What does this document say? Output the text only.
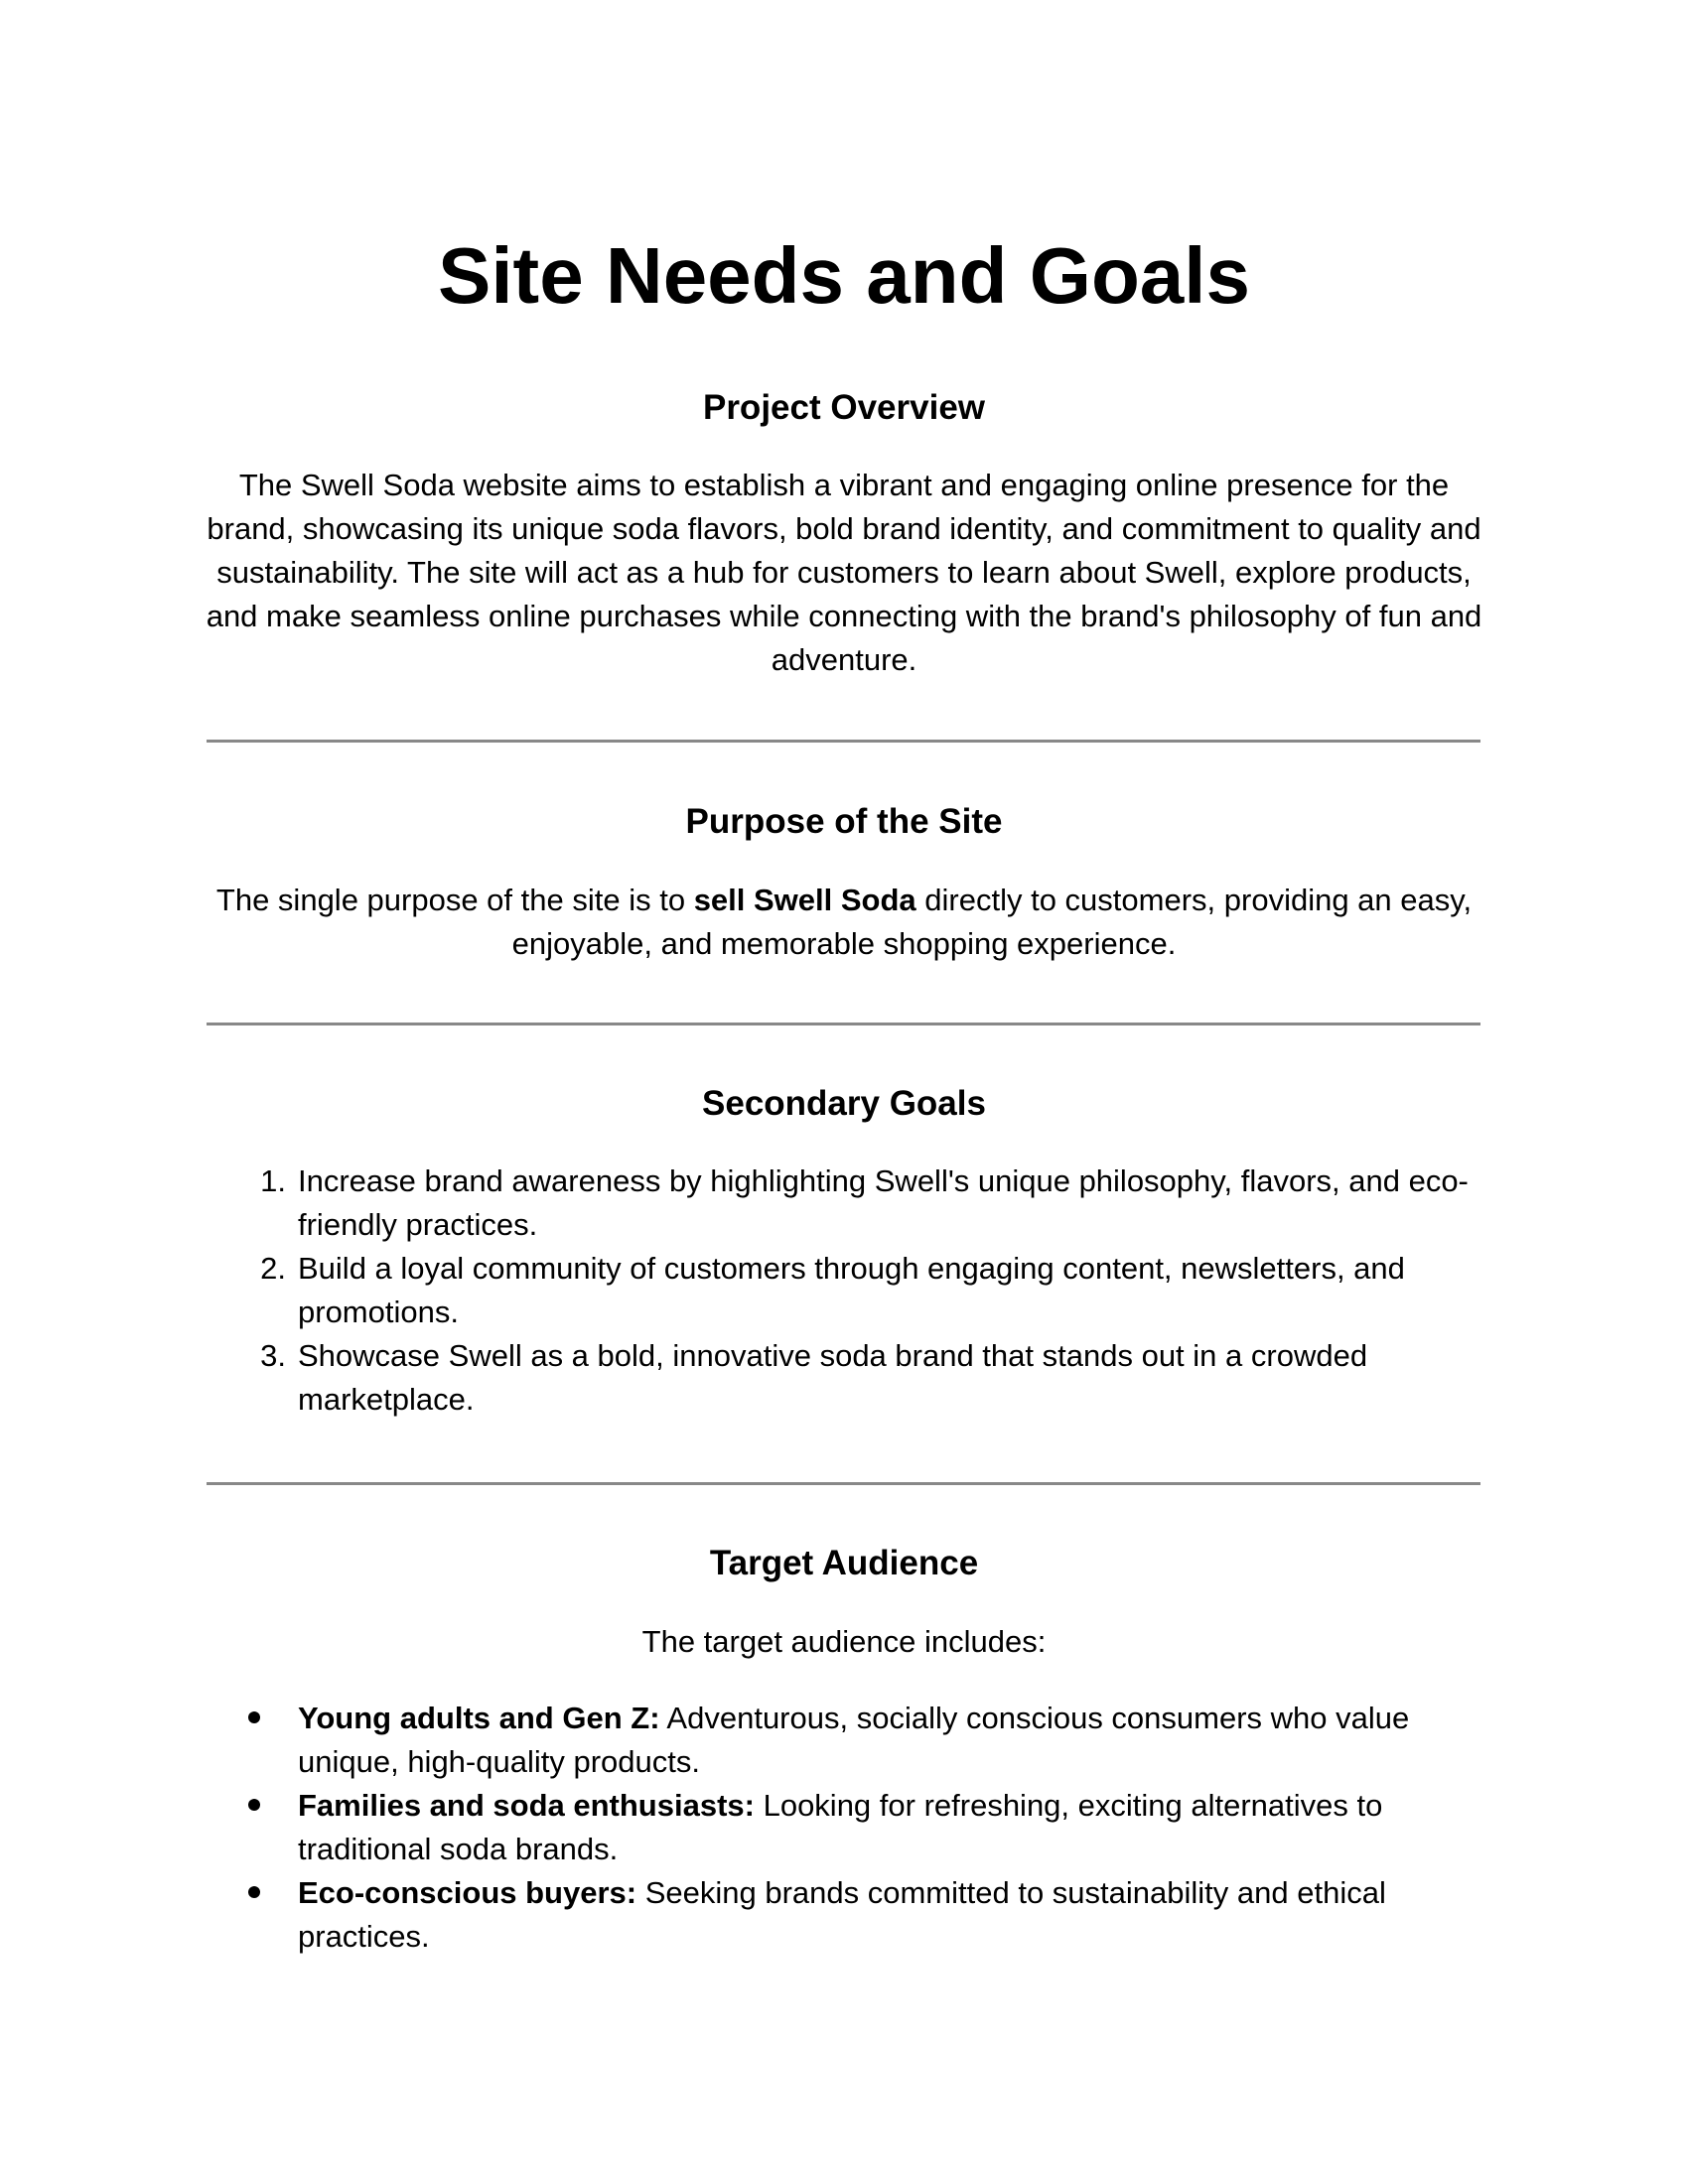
Site Needs and Goals
Project Overview

The Swell Soda website aims to establish a vibrant and engaging online presence for the brand, showcasing its unique soda flavors, bold brand identity, and commitment to quality and sustainability. The site will act as a hub for customers to learn about Swell, explore products, and make seamless online purchases while connecting with the brand's philosophy of fun and adventure.

Purpose of the Site

The single purpose of the site is to sell Swell Soda directly to customers, providing an easy, enjoyable, and memorable shopping experience.

Secondary Goals
1. Increase brand awareness by highlighting Swell's unique philosophy, flavors, and eco-friendly practices.
2. Build a loyal community of customers through engaging content, newsletters, and promotions.
3. Showcase Swell as a bold, innovative soda brand that stands out in a crowded marketplace.
Target Audience

The target audience includes:

Young adults and Gen Z: Adventurous, socially conscious consumers who value unique, high-quality products.
Families and soda enthusiasts: Looking for refreshing, exciting alternatives to traditional soda brands.
Eco-conscious buyers: Seeking brands committed to sustainability and ethical practices.
